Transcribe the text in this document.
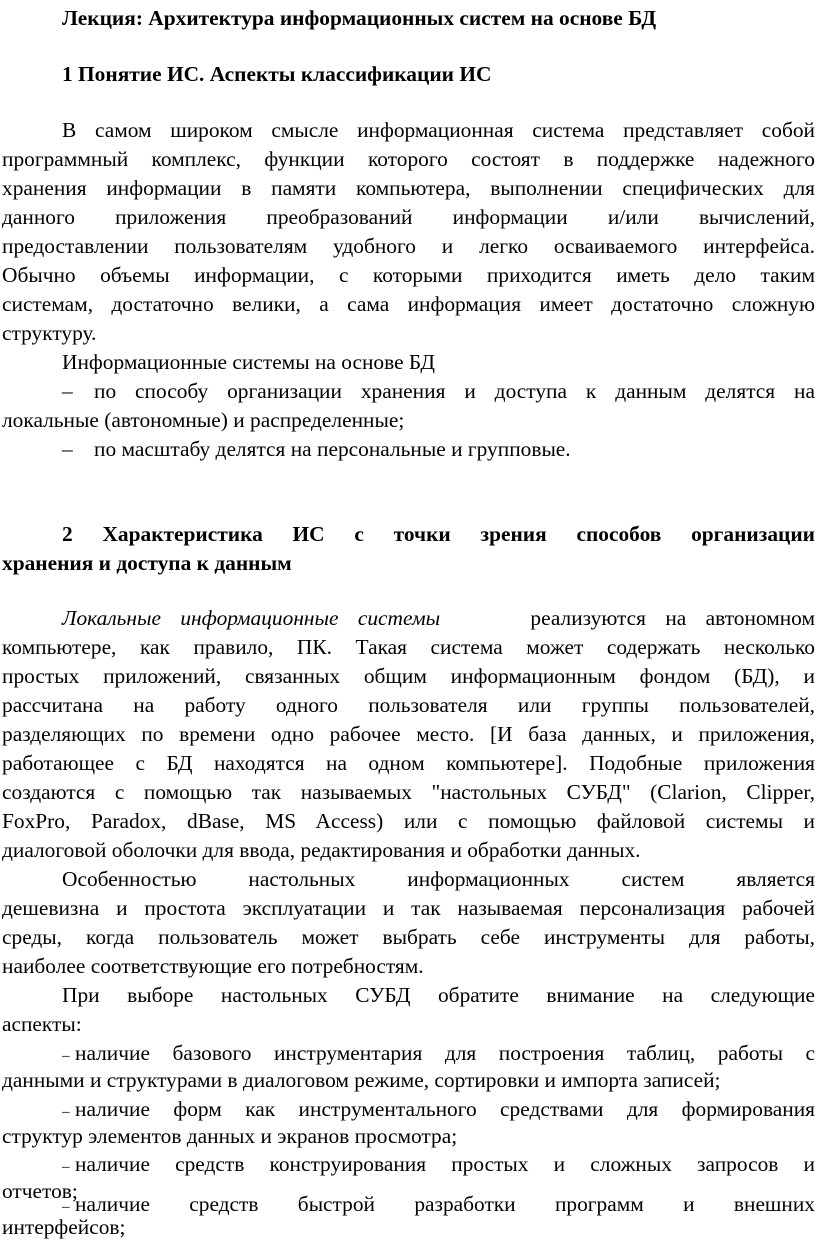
Лекция: Архитектура информационных систем на основе БД
1 Понятие ИС. Аспекты классификации ИС
В самом широком смысле информационная система представляет собой
программный комплекс, функции которого состоят в поддержке надежного
хранения информации в памяти компьютера, выполнении специфических для
данного приложения преобразований информации и/или вычислений,
предоставлении пользователям удобного и легко осваиваемого интерфейса.
Обычно объемы информации, с которыми приходится иметь дело таким
системам, достаточно велики, а сама информация имеет достаточно сложную
структуру.
Информационные системы на основе БД
– по способу организации хранения и доступа к данным делятся на
локальные (автономные) и распределенные;
– по масштабу делятся на персональные и групповые.
2 Характеристика ИС с точки зрения способов организации
хранения и доступа к данным
Локальные информационные системы	реализуются на автономном
компьютере, как правило, ПК. Такая система может содержать несколько
простых приложений, связанных общим информационным фондом (БД), и
рассчитана на работу одного пользователя или группы пользователей,
разделяющих по времени одно рабочее место. [И база данных, и приложения,
работающее с БД находятся на одном компьютере]. Подобные приложения
создаются с помощью так называемых "настольных СУБД" (Clarion, Clipper,
FoxPro, Paradox, dBase, MS Access) или с помощью файловой системы и
диалоговой оболочки для ввода, редактирования и обработки данных.
Особенностью настольных информационных систем является
дешевизна и простота эксплуатации и так называемая персонализация рабочей
среды, когда пользователь может выбрать себе инструменты для работы,
наиболее соответствующие его потребностям.
При выборе настольных СУБД обратите внимание на следующие
аспекты:
– наличие базового инструментария для построения таблиц, работы с
данными и структурами в диалоговом режиме, сортировки и импорта записей;
– наличие форм как инструментального средствами для формирования
структур элементов данных и экранов просмотра;
– наличие средств конструирования простых и сложных запросов и
отчетов;
– наличие средств быстрой разработки программ и внешних
интерфейсов;
